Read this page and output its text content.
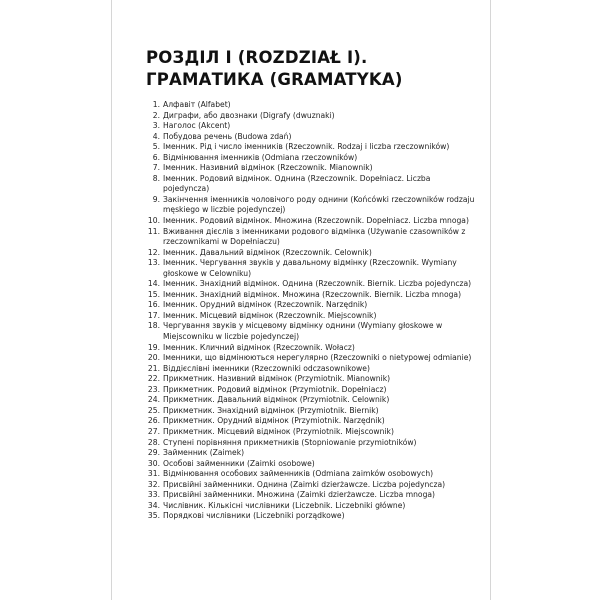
РОЗДІЛ I (ROZDZIAŁ I).
ГРАМАТИКА (GRAMATYKA)
1. Алфавіт (Alfabet)
2. Диграфи, або двознаки (Digrafy (dwuznaki)
3. Наголос (Akcent)
4. Побудова речень (Budowa zdań)
5. Іменник. Рід і число іменників (Rzeczownik. Rodzaj i liczba rzeczowników)
6. Відмінювання іменників (Odmiana rzeczowników)
7. Іменник. Називний відмінок (Rzeczownik. Mianownik)
8. Іменник. Родовий відмінок. Однина (Rzeczownik. Dopełniacz. Liczba pojedyncza)
9. Закінчення іменників чоловічого роду однини (Końcówki rzeczowników rodzaju męskiego w liczbie pojedynczej)
10. Іменник. Родовий відмінок. Множина (Rzeczownik. Dopełniacz. Liczba mnoga)
11. Вживання дієслів з іменниками родового відмінка (Używanie czasowników z rzeczownikami w Dopełniaczu)
12. Іменник. Давальний відмінок (Rzeczownik. Celownik)
13. Іменник. Чергування звуків у давальному відмінку (Rzeczownik. Wymiany głoskowe w Celowniku)
14. Іменник. Знахідний відмінок. Однина (Rzeczownik. Biernik. Liczba pojedyncza)
15. Іменник. Знахідний відмінок. Множина (Rzeczownik. Biernik. Liczba mnoga)
16. Іменник. Орудний відмінок (Rzeczownik. Narzędnik)
17. Іменник. Місцевий відмінок (Rzeczownik. Miejscownik)
18. Чергування звуків у місцевому відмінку однини (Wymiany głoskowe w Miejscowniku w liczbie pojedynczej)
19. Іменник. Кличний відмінок (Rzeczownik. Wołacz)
20. Іменники, що відмінюються нерегулярно (Rzeczowniki o nietypowej odmianie)
21. Віддієслівні іменники (Rzeczowniki odczasownikowe)
22. Прикметник. Називний відмінок (Przymiotnik. Mianownik)
23. Прикметник. Родовий відмінок (Przymiotnik. Dopełniacz)
24. Прикметник. Давальний відмінок (Przymiotnik. Celownik)
25. Прикметник. Знахідний відмінок (Przymiotnik. Biernik)
26. Прикметник. Орудний відмінок (Przymiotnik. Narzędnik)
27. Прикметник. Місцевий відмінок (Przymiotnik. Miejscownik)
28. Ступені порівняння прикметників (Stopniowanie przymiotników)
29. Займенник (Zaimek)
30. Особові займенники (Zaimki osobowe)
31. Відмінювання особових займенників (Odmiana zaimków osobowych)
32. Присвійні займенники. Однина (Zaimki dzierżawcze. Liczba pojedyncza)
33. Присвійні займенники. Множина (Zaimki dzierżawcze. Liczba mnoga)
34. Числівник. Кількісні числівники (Liczebnik. Liczebniki główne)
35. Порядкові числівники (Liczebniki porządkowe)
